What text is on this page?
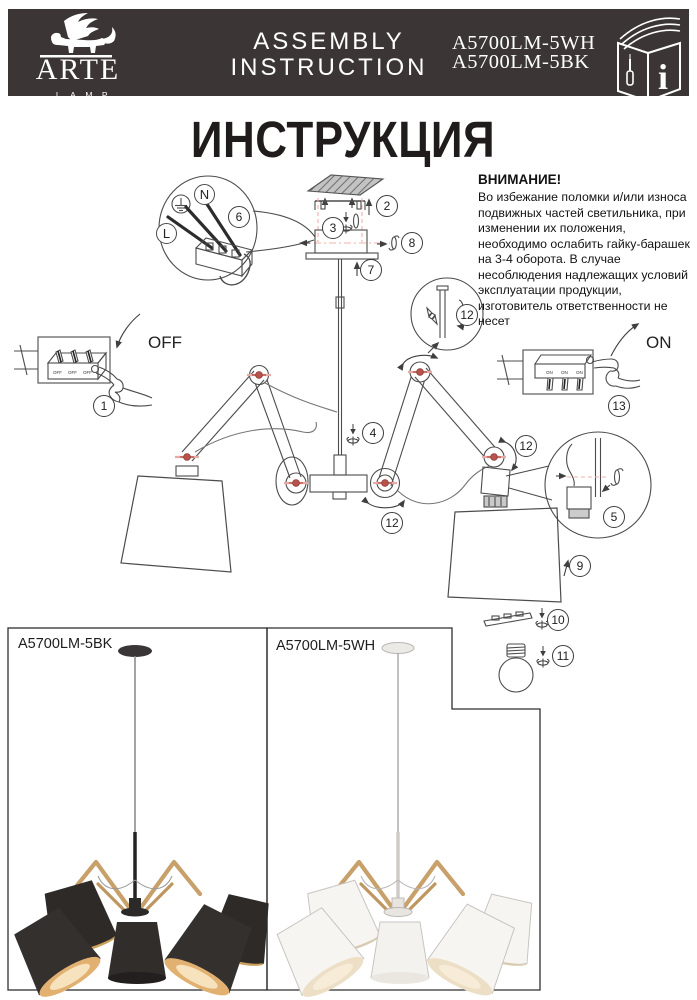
OFF OFF OFF	ON ON ON
ARTE
LAMP
ASSEMBLY
INSTRUCTION
A5700LM-5WH
A5700LM-5BK	i
ИНСТРУКЦИЯ
ВНИМАНИЕ!

Во избежание поломки и/или износа подвижных частей светильника, при изменении их положения, необходимо ослабить гайку-барашек на 3-4 оборота. В случае несоблюдения надлежащих условий эксплуатации продукции, изготовитель ответственности не несет

OFF	ON
N
L
1
2
3
4
5
6
7
8
9
10
11
12
12
12
13
A5700LM-5BK	A5700LM-5WH
